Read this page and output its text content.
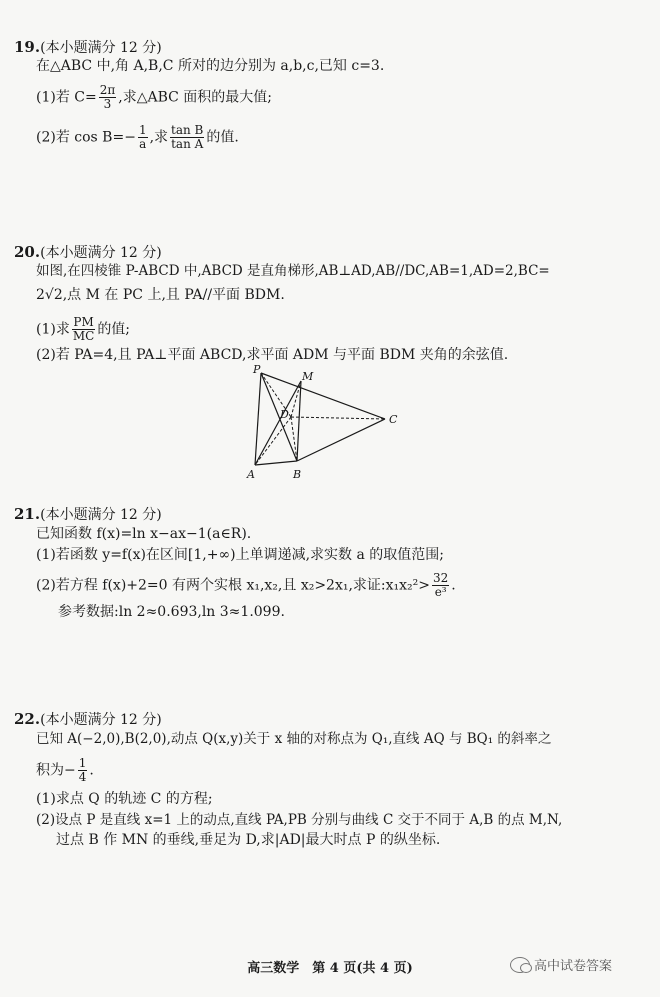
19.(本小题满分 12 分)
在△ABC 中,角 A,B,C 所对的边分别为 a,b,c,已知 c=3.
(1)若 $C= \frac{2\pi}{3}$ ,求△ABC 面积的最大值;
(2)若 $\cos B=- \frac{1}{a}$ ,求 $\frac{\text{tan B}}{\text{tan A}}$ 的值.
20.(本小题满分 12 分)
如图,在四棱锥 P-ABCD 中,ABCD 是直角梯形,AB⊥AD,AB//DC,AB=1,AD=2,BC=
2√2,点 M 在 PC 上,且 PA//平面 BDM.
(1)求 $\frac{PM}{MC}$ 的值;
(2)若 PA=4,且 PA⊥平面 ABCD,求平面 ADM 与平面 BDM 夹角的余弦值.
P
M
D	C
A	B
21.(本小题满分 12 分)
已知函数 f(x)=ln x−ax−1(a∈R).
(1)若函数 y=f(x)在区间[1,+∞)上单调递减,求实数 a 的取值范围;
(2)若方程 f(x)+2=0 有两个实根 x₁,x₂,且 x₂>2x₁,求证:x₁x₂²> $\frac{32}{\text{e³}}$ .
参考数据:ln 2≈0.693,ln 3≈1.099.
22.(本小题满分 12 分)
已知 A(−2,0),B(2,0),动点 Q(x,y)关于 x 轴的对称点为 Q₁,直线 AQ 与 BQ₁ 的斜率之
积为− $\frac{1}{4}$ .
(1)求点 Q 的轨迹 C 的方程;
(2)设点 P 是直线 x=1 上的动点,直线 PA,PB 分别与曲线 C 交于不同于 A,B 的点 M,N,
过点 B 作 MN 的垂线,垂足为 D,求|AD|最大时点 P 的纵坐标.
高三数学　第 4 页(共 4 页)	高中试卷答案
